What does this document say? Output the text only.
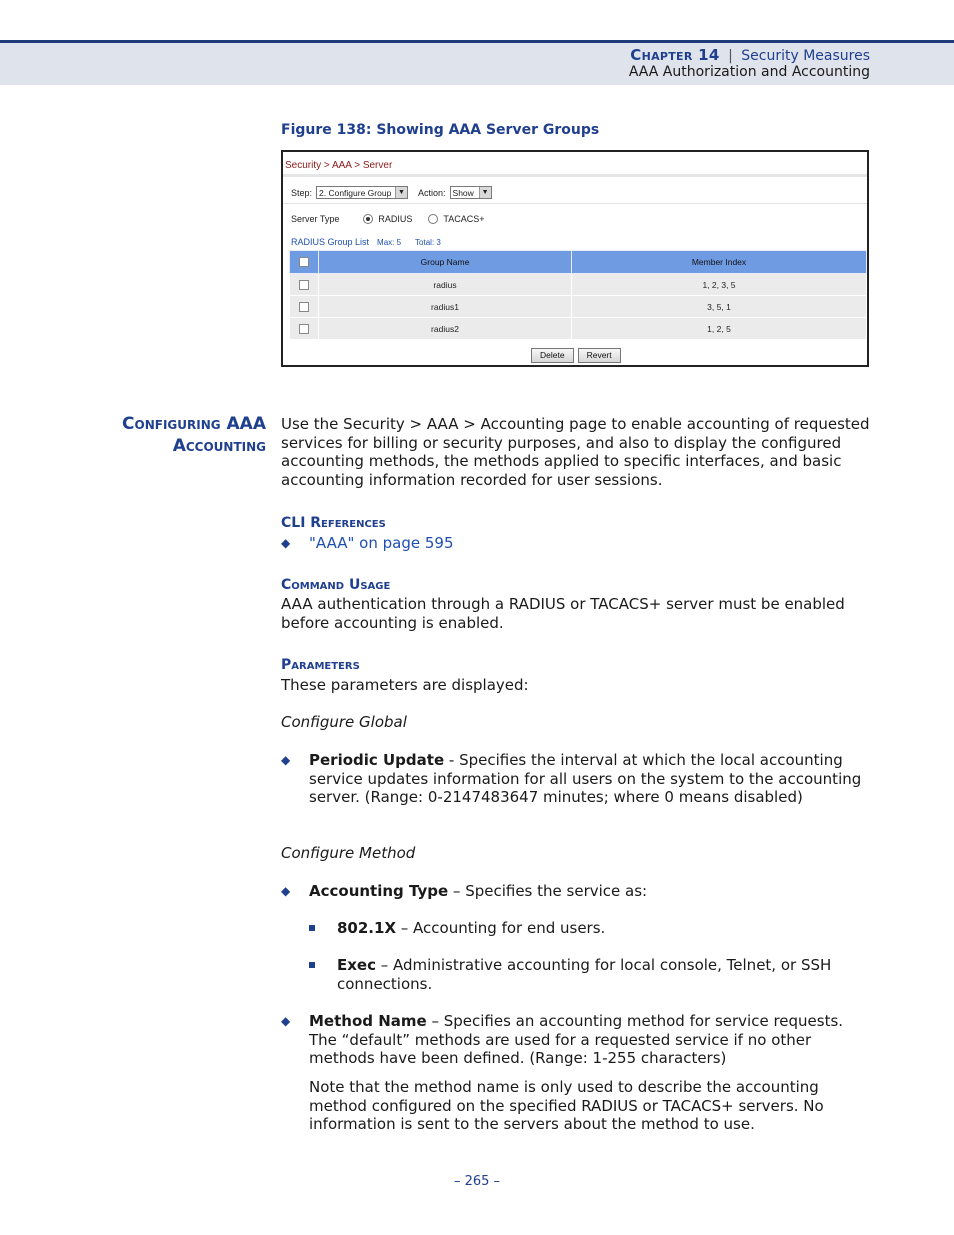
Chapter 14 | Security Measures
AAA Authorization and Accounting
Figure 138: Showing AAA Server Groups
Security > AAA > Server
Step: 2. Configure Group ▼ Action: Show	▼
Server Type	RADIUS	TACACS+
RADIUS Group List Max: 5 Total: 3
	Group Name	Member Index
	radius	1, 2, 3, 5
	radius1	3, 5, 1
	radius2	1, 2, 5
Delete	Revert
Configuring AAA
Accounting
Use the Security > AAA > Accounting page to enable accounting of requested services for billing or security purposes, and also to display the configured accounting methods, the methods applied to specific interfaces, and basic accounting information recorded for user sessions.
CLI References
◆ "AAA" on page 595
Command Usage
AAA authentication through a RADIUS or TACACS+ server must be enabled before accounting is enabled.
Parameters
These parameters are displayed:
Configure Global
◆ Periodic Update - Specifies the interval at which the local accounting service updates information for all users on the system to the accounting server. (Range: 0-2147483647 minutes; where 0 means disabled)
Configure Method
◆ Accounting Type – Specifies the service as:
802.1X – Accounting for end users.
Exec – Administrative accounting for local console, Telnet, or SSH connections.
◆ Method Name – Specifies an accounting method for service requests. The “default” methods are used for a requested service if no other methods have been defined. (Range: 1-255 characters)
Note that the method name is only used to describe the accounting method configured on the specified RADIUS or TACACS+ servers. No information is sent to the servers about the method to use.
– 265 –
